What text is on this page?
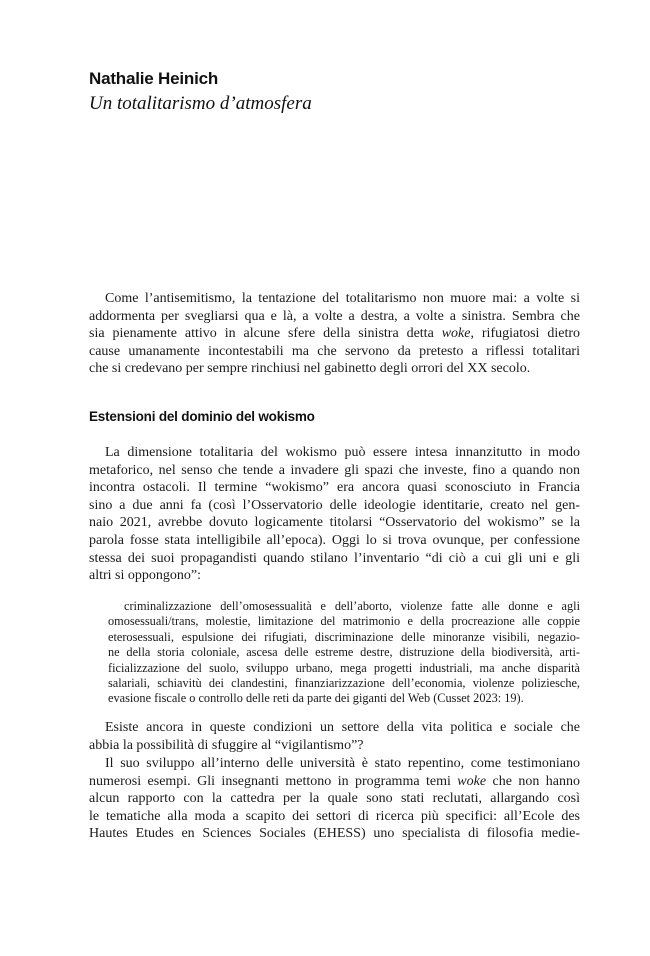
Nathalie Heinich
Un totalitarismo d’atmosfera
Come l’antisemitismo, la tentazione del totalitarismo non muore mai: a volte si
addormenta per svegliarsi qua e là, a volte a destra, a volte a sinistra. Sembra che
sia pienamente attivo in alcune sfere della sinistra detta woke, rifugiatosi dietro
cause umanamente incontestabili ma che servono da pretesto a riflessi totalitari
che si credevano per sempre rinchiusi nel gabinetto degli orrori del XX secolo.
Estensioni del dominio del wokismo
La dimensione totalitaria del wokismo può essere intesa innanzitutto in modo
metaforico, nel senso che tende a invadere gli spazi che investe, fino a quando non
incontra ostacoli. Il termine “wokismo” era ancora quasi sconosciuto in Francia
sino a due anni fa (così l’Osservatorio delle ideologie identitarie, creato nel gen-
naio 2021, avrebbe dovuto logicamente titolarsi “Osservatorio del wokismo” se la
parola fosse stata intelligibile all’epoca). Oggi lo si trova ovunque, per confessione
stessa dei suoi propagandisti quando stilano l’inventario “di ciò a cui gli uni e gli
altri si oppongono”:
criminalizzazione dell’omosessualità e dell’aborto, violenze fatte alle donne e agli
omosessuali/trans, molestie, limitazione del matrimonio e della procreazione alle coppie
eterosessuali, espulsione dei rifugiati, discriminazione delle minoranze visibili, negazio-
ne della storia coloniale, ascesa delle estreme destre, distruzione della biodiversità, arti-
ficializzazione del suolo, sviluppo urbano, mega progetti industriali, ma anche disparità
salariali, schiavitù dei clandestini, finanziarizzazione dell’economia, violenze poliziesche,
evasione fiscale o controllo delle reti da parte dei giganti del Web (Cusset 2023: 19).
Esiste ancora in queste condizioni un settore della vita politica e sociale che
abbia la possibilità di sfuggire al “vigilantismo”?
Il suo sviluppo all’interno delle università è stato repentino, come testimoniano
numerosi esempi. Gli insegnanti mettono in programma temi woke che non hanno
alcun rapporto con la cattedra per la quale sono stati reclutati, allargando così
le tematiche alla moda a scapito dei settori di ricerca più specifici: all’Ecole des
Hautes Etudes en Sciences Sociales (EHESS) uno specialista di filosofia medie-
